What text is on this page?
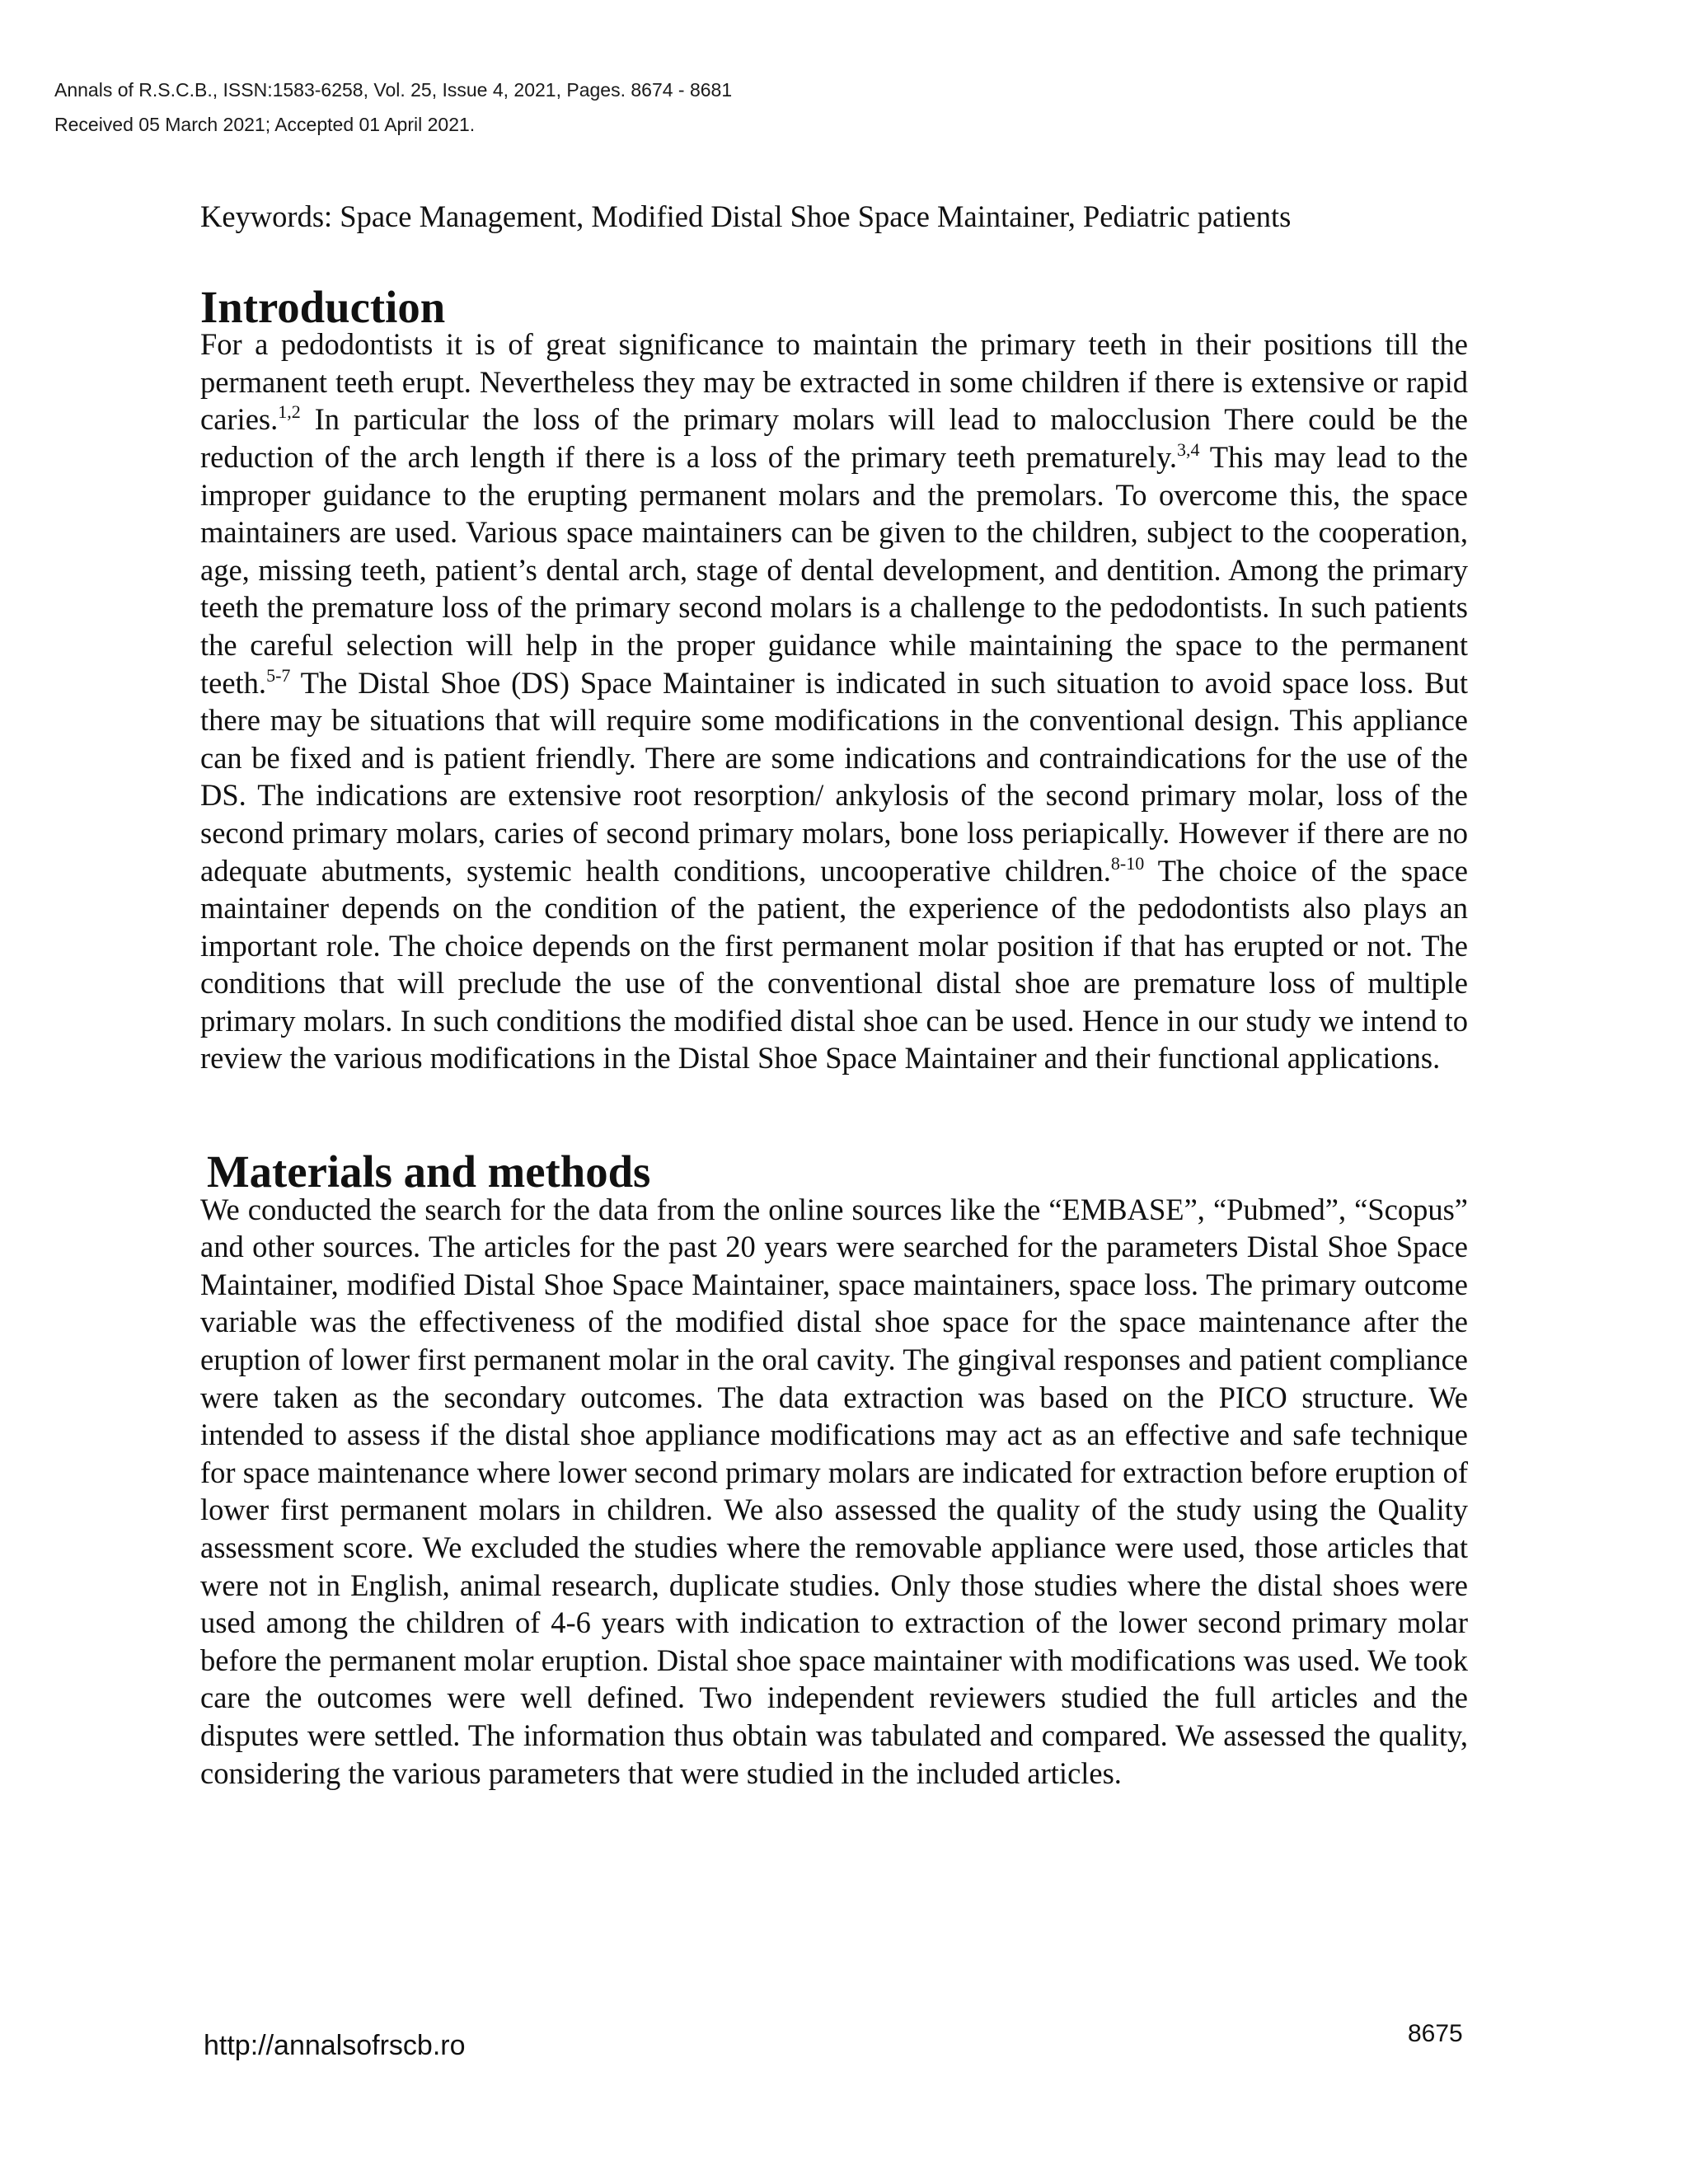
Annals of R.S.C.B., ISSN:1583-6258, Vol. 25, Issue 4, 2021, Pages. 8674 - 8681
Received 05 March 2021; Accepted 01 April 2021.

Keywords: Space Management, Modified Distal Shoe Space Maintainer, Pediatric patients

Introduction

For a pedodontists it is of great significance to maintain the primary teeth in their positions till the permanent teeth erupt. Nevertheless they may be extracted in some children if there is extensive or rapid caries.$^{1,2}$ In particular the loss of the primary molars will lead to malocclusion There could be the reduction of the arch length if there is a loss of the primary teeth prematurely.$^{3,4}$ This may lead to the improper guidance to the erupting permanent molars and the premolars. To overcome this, the space maintainers are used. Various space maintainers can be given to the children, subject to the cooperation, age, missing teeth, patient’s dental arch, stage of dental development, and dentition. Among the primary teeth the premature loss of the primary second molars is a challenge to the pedodontists. In such patients the careful selection will help in the proper guidance while maintaining the space to the permanent teeth.$^{5-7}$ The Distal Shoe (DS) Space Maintainer is indicated in such situation to avoid space loss. But there may be situations that will require some modifications in the conventional design. This appliance can be fixed and is patient friendly. There are some indications and contraindications for the use of the DS. The indications are extensive root resorption/ ankylosis of the second primary molar, loss of the second primary molars, caries of second primary molars, bone loss periapically. However if there are no adequate abutments, systemic health conditions, uncooperative children.$^{8-10}$ The choice of the space maintainer depends on the condition of the patient, the experience of the pedodontists also plays an important role. The choice depends on the first permanent molar position if that has erupted or not. The conditions that will preclude the use of the conventional distal shoe are premature loss of multiple primary molars. In such conditions the modified distal shoe can be used. Hence in our study we intend to review the various modifications in the Distal Shoe Space Maintainer and their functional applications.

Materials and methods

We conducted the search for the data from the online sources like the “EMBASE”, “Pubmed”, “Scopus” and other sources. The articles for the past 20 years were searched for the parameters Distal Shoe Space Maintainer, modified Distal Shoe Space Maintainer, space maintainers, space loss. The primary outcome variable was the effectiveness of the modified distal shoe space for the space maintenance after the eruption of lower first permanent molar in the oral cavity. The gingival responses and patient compliance were taken as the secondary outcomes. The data extraction was based on the PICO structure. We intended to assess if the distal shoe appliance modifications may act as an effective and safe technique for space maintenance where lower second primary molars are indicated for extraction before eruption of lower first permanent molars in children. We also assessed the quality of the study using the Quality assessment score. We excluded the studies where the removable appliance were used, those articles that were not in English, animal research, duplicate studies. Only those studies where the distal shoes were used among the children of 4-6 years with indication to extraction of the lower second primary molar before the permanent molar eruption. Distal shoe space maintainer with modifications was used. We took care the outcomes were well defined. Two independent reviewers studied the full articles and the disputes were settled. The information thus obtain was tabulated and compared. We assessed the quality, considering the various parameters that were studied in the included articles.

http://annalsofrscb.ro	8675
